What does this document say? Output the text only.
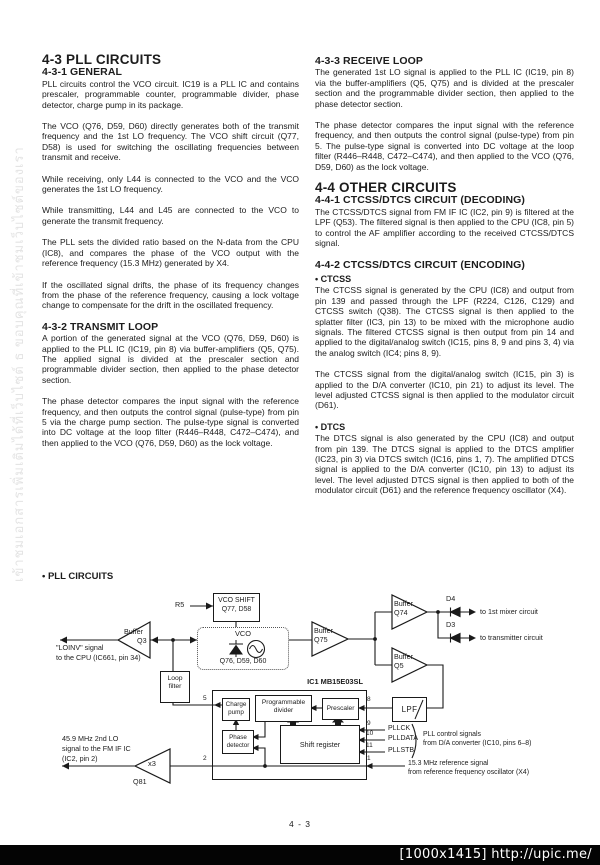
เข้าชมเอกสารเพิ่มเติมได้ที่เว็บไซต์ ธ ขอบคุณที่เข้าชมเว็บไซต์ของเรา
4-3 PLL CIRCUITS
4-3-1 GENERAL

PLL circuits control the VCO circuit. IC19 is a PLL IC and contains prescaler, programmable counter, programmable divider, phase detector, charge pump in its package.

The VCO (Q76, D59, D60) directly generates both of the transmit frequency and the 1st LO frequency. The VCO shift circuit (Q77, D58) is used for switching the oscillating frequencies between transmit and receive.

While receiving, only L44 is connected to the VCO and the VCO generates the 1st LO frequency.

While transmitting, L44 and L45 are connected to the VCO to generate the transmit frequency.

The PLL sets the divided ratio based on the N-data from the CPU (IC8), and compares the phase of the VCO output with the reference frequency (15.3 MHz) generated by X4.

If the oscillated signal drifts, the phase of its frequency changes from the phase of the reference frequency, causing a lock voltage change to compensate for the drift in the oscillated frequency.

4-3-2 TRANSMIT LOOP

A portion of the generated signal at the VCO (Q76, D59, D60) is applied to the PLL IC (IC19, pin 8) via buffer-amplifiers (Q5, Q75). The applied signal is divided at the prescaler section and programmable divider section, then applied to the phase detector section.

The phase detector compares the input signal with the reference frequency, and then outputs the control signal (pulse-type) from pin 5 via the charge pump section. The pulse-type signal is converted into DC voltage at the loop filter (R446–R448, C472–C474), and then applied to the VCO (Q76, D59, D60) as the lock voltage.

4-3-3 RECEIVE LOOP

The generated 1st LO signal is applied to the PLL IC (IC19, pin 8) via the buffer-amplifiers (Q5, Q75) and is divided at the prescaler section and the programmable divider section, then applied to the phase detector section.

The phase detector compares the input signal with the reference frequency, and then outputs the control signal (pulse-type) from pin 5. The pulse-type signal is converted into DC voltage at the loop filter (R446–R448, C472–C474), and then applied to the VCO (Q76, D59, D60) as the lock voltage.

4-4 OTHER CIRCUITS
4-4-1 CTCSS/DTCS CIRCUIT (DECODING)

The CTCSS/DTCS signal from FM IF IC (IC2, pin 9) is filtered at the LPF (Q53). The filtered signal is then applied to the CPU (IC8, pin 5) to control the AF amplifier according to the received CTCSS/DTCS signal.

4-4-2 CTCSS/DTCS CIRCUIT (ENCODING)
• CTCSS

The CTCSS signal is generated by the CPU (IC8) and output from pin 139 and passed through the LPF (R224, C126, C129) and CTCSS switch (Q38). The CTCSS signal is then applied to the splatter filter (IC3, pin 13) to be mixed with the microphone audio signals. The filtered CTCSS signal is then output from pin 14 and applied to the digital/analog switch (IC15, pins 8, 9 and pins 3, 4) via the analog switch (IC4; pins 8, 9).

The CTCSS signal from the digital/analog switch (IC15, pin 3) is applied to the D/A converter (IC10, pin 21) to adjust its level. The level adjusted CTCSS signal is then applied to the modulator circuit (D61).

• DTCS

The DTCS signal is also generated by the CPU (IC8) and output from pin 139. The DTCS signal is applied to the DTCS amplifier (IC23, pin 3) via DTCS switch (IC16, pins 1, 7). The amplified DTCS signal is applied to the D/A converter (IC10, pin 13) to adjust its level. The level adjusted DTCS signal is then applied to both of the modulator circuit (D61) and the reference frequency oscillator (X4).

• PLL CIRCUITS
VCO SHIFT
Q77, D58
VCO
Q76, D59, D60
Loop
filter
Charge
pump
Programmable
divider	Prescaler
Phase
detector	Shift register
LPF
R5
Buffer
Q3
"LOINV" signal
to the CPU (IC661, pin 34)
Buffer
Q75
Buffer
Q74
Buffer
Q5
D4
D3
to 1st mixer circuit
to transmitter circuit
IC1 MB15E03SL
5
2
8
9
10
11
1
PLLCK
PLLDATA
PLLSTB
PLL control signals
from D/A converter (IC10, pins 6–8)
15.3 MHz reference signal
from reference frequency oscillator (X4)
x3
Q81
45.9 MHz 2nd LO
signal to the FM IF IC
(IC2, pin 2)
4 - 3
[1000x1415] http://upic.me/
